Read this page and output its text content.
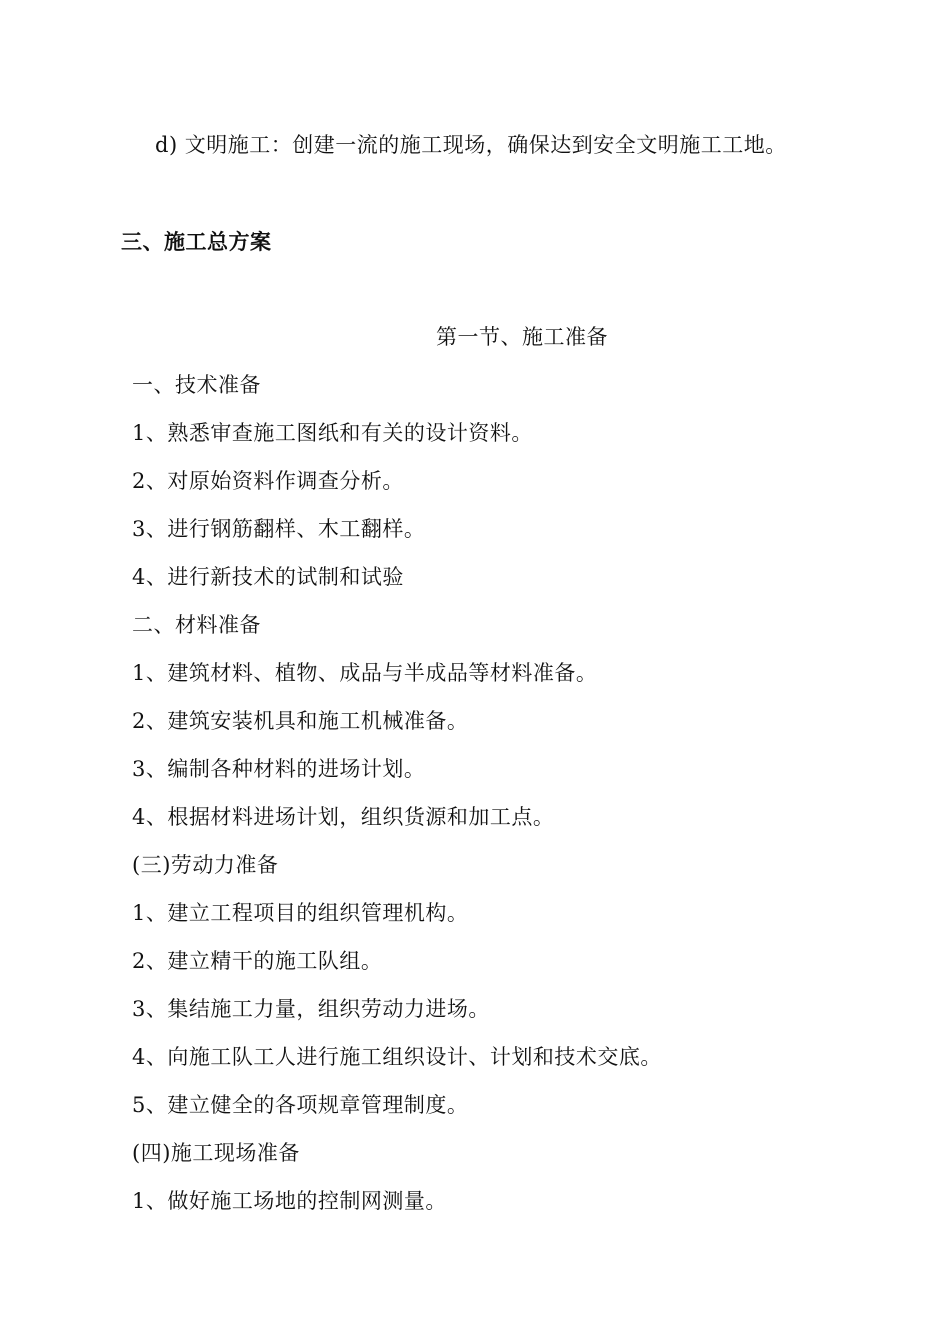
d) 文明施工：创建一流的施工现场，确保达到安全文明施工工地。
三、施工总方案
第一节、施工准备
一、技术准备
1、熟悉审查施工图纸和有关的设计资料。
2、对原始资料作调查分析。
3、进行钢筋翻样、木工翻样。
4、进行新技术的试制和试验
二、材料准备
1、建筑材料、植物、成品与半成品等材料准备。
2、建筑安装机具和施工机械准备。
3、编制各种材料的进场计划。
4、根据材料进场计划，组织货源和加工点。
(三)劳动力准备
1、建立工程项目的组织管理机构。
2、建立精干的施工队组。
3、集结施工力量，组织劳动力进场。
4、向施工队工人进行施工组织设计、计划和技术交底。
5、建立健全的各项规章管理制度。
(四)施工现场准备
1、做好施工场地的控制网测量。
